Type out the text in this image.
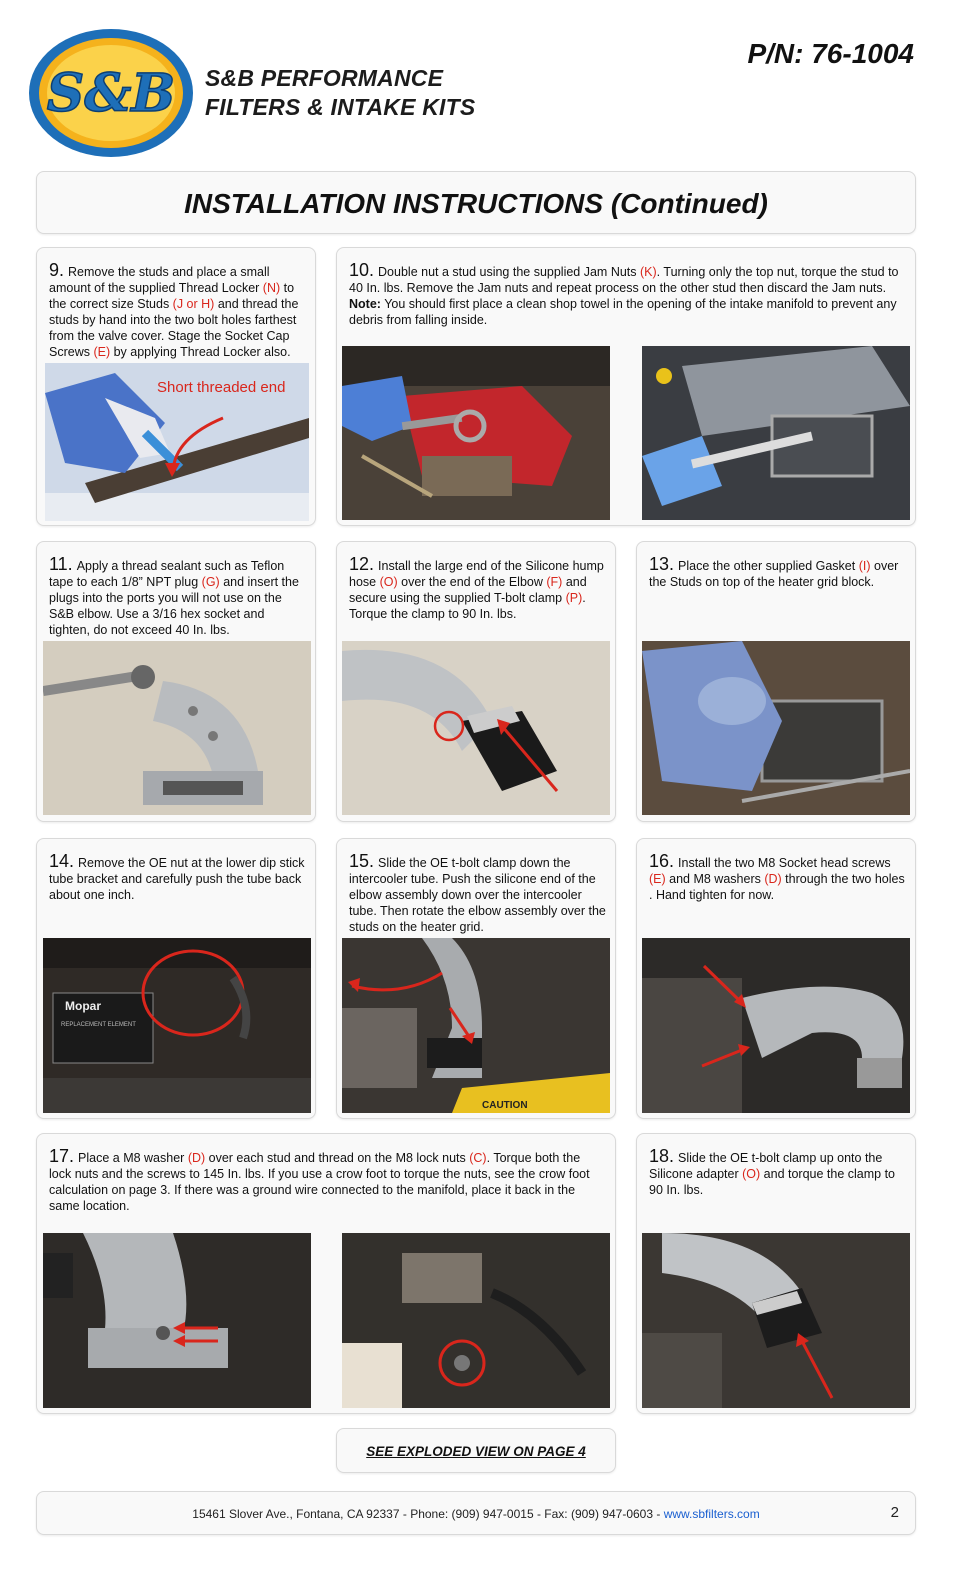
S&B S&B PERFORMANCE
FILTERS & INTAKE KITS
P/N: 76-1004
INSTALLATION INSTRUCTIONS (Continued)
9. Remove the studs and place a small amount of the supplied Thread Locker (N) to the correct size Studs (J or H) and thread the studs by hand into the two bolt holes farthest from the valve cover. Stage the Socket Cap Screws (E) by applying Thread Locker also.
Short threaded end
10. Double nut a stud using the supplied Jam Nuts (K). Turning only the top nut, torque the stud to 40 In. lbs. Remove the Jam nuts and repeat process on the other stud then discard the Jam nuts. Note: You should first place a clean shop towel in the opening of the intake manifold to prevent any debris from falling inside.
11. Apply a thread sealant such as Teflon tape to each 1/8” NPT plug (G) and insert the plugs into the ports you will not use on the S&B elbow. Use a 3/16 hex socket and tighten, do not exceed 40 In. lbs.
12. Install the large end of the Silicone hump hose (O) over the end of the Elbow (F) and secure using the supplied T-bolt clamp (P). Torque the clamp to 90 In. lbs.
13. Place the other supplied Gasket (I) over the Studs on top of the heater grid block.
14. Remove the OE nut at the lower dip stick tube bracket and carefully push the tube back about one inch.
Mopar
REPLACEMENT ELEMENT
15. Slide the OE t-bolt clamp down the intercooler tube. Push the silicone end of the elbow assembly down over the intercooler tube. Then rotate the elbow assembly over the studs on the heater grid.
CAUTION
16. Install the two M8 Socket head screws (E) and M8 washers (D) through the two holes . Hand tighten for now.
17. Place a M8 washer (D) over each stud and thread on the M8 lock nuts (C). Torque both the lock nuts and the screws to 145 In. lbs. If you use a crow foot to torque the nuts, see the crow foot calculation on page 3. If there was a ground wire connected to the manifold, place it back in the same location.
18. Slide the OE t-bolt clamp up onto the Silicone adapter (O) and torque the clamp to 90 In. lbs.
SEE EXPLODED VIEW ON PAGE 4
15461 Slover Ave., Fontana, CA 92337 - Phone: (909) 947-0015 - Fax: (909) 947-0603 - www.sbfilters.com	2
